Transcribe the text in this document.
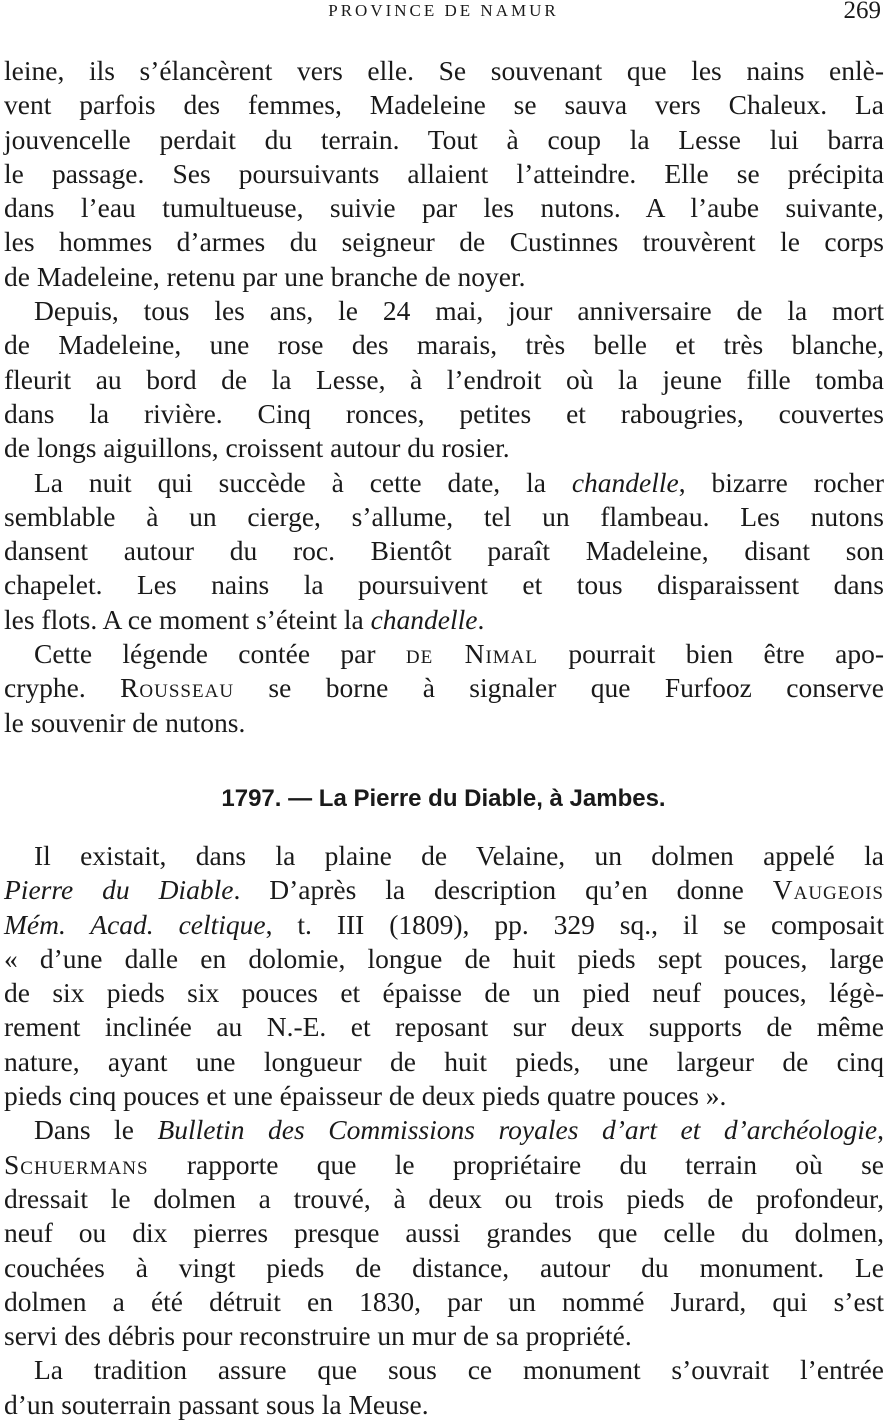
PROVINCE DE NAMUR	269

leine, ils s’élancèrent vers elle. Se souvenant que les nains enlè-
vent parfois des femmes, Madeleine se sauva vers Chaleux. La
jouvencelle perdait du terrain. Tout à coup la Lesse lui barra
le passage. Ses poursuivants allaient l’atteindre. Elle se précipita
dans l’eau tumultueuse, suivie par les nutons. A l’aube suivante,
les hommes d’armes du seigneur de Custinnes trouvèrent le corps
de Madeleine, retenu par une branche de noyer.

Depuis, tous les ans, le 24 mai, jour anniversaire de la mort
de Madeleine, une rose des marais, très belle et très blanche,
fleurit au bord de la Lesse, à l’endroit où la jeune fille tomba
dans la rivière. Cinq ronces, petites et rabougries, couvertes
de longs aiguillons, croissent autour du rosier.

La nuit qui succède à cette date, la chandelle, bizarre rocher
semblable à un cierge, s’allume, tel un flambeau. Les nutons
dansent autour du roc. Bientôt paraît Madeleine, disant son
chapelet. Les nains la poursuivent et tous disparaissent dans
les flots. A ce moment s’éteint la chandelle.

Cette légende contée par de Nimal pourrait bien être apo-
cryphe. Rousseau se borne à signaler que Furfooz conserve
le souvenir de nutons.

1797. — La Pierre du Diable, à Jambes.

Il existait, dans la plaine de Velaine, un dolmen appelé la
Pierre du Diable. D’après la description qu’en donne Vaugeois
Mém. Acad. celtique, t. III (1809), pp. 329 sq., il se composait
« d’une dalle en dolomie, longue de huit pieds sept pouces, large
de six pieds six pouces et épaisse de un pied neuf pouces, légè-
rement inclinée au N.-E. et reposant sur deux supports de même
nature, ayant une longueur de huit pieds, une largeur de cinq
pieds cinq pouces et une épaisseur de deux pieds quatre pouces ».

Dans le Bulletin des Commissions royales d’art et d’archéologie,
Schuermans rapporte que le propriétaire du terrain où se
dressait le dolmen a trouvé, à deux ou trois pieds de profondeur,
neuf ou dix pierres presque aussi grandes que celle du dolmen,
couchées à vingt pieds de distance, autour du monument. Le
dolmen a été détruit en 1830, par un nommé Jurard, qui s’est
servi des débris pour reconstruire un mur de sa propriété.

La tradition assure que sous ce monument s’ouvrait l’entrée
d’un souterrain passant sous la Meuse.
